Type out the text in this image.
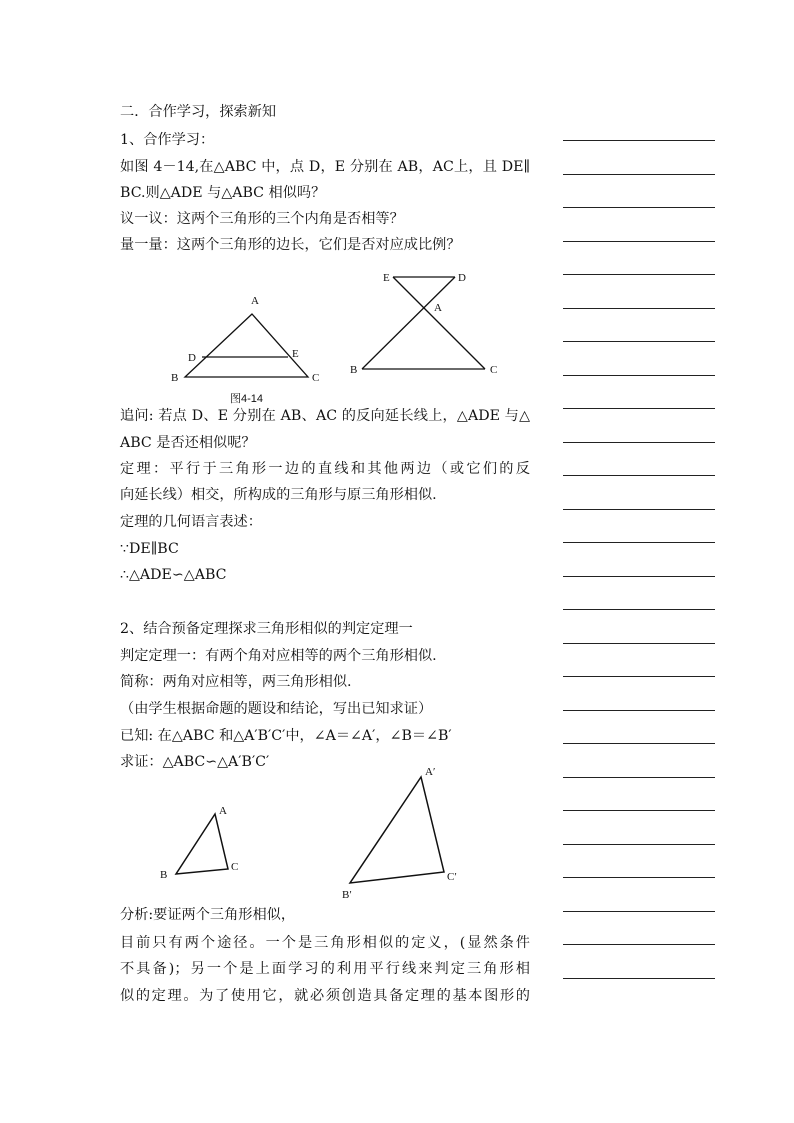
二．合作学习，探索新知
1、合作学习：
如图 4－14,在△ABC 中，点 D，E 分别在 AB，AC上，且 DE∥
BC.则△ADE 与△ABC 相似吗？
议一议：这两个三角形的三个内角是否相等？
量一量：这两个三角形的边长，它们是否对应成比例？
A
D	E
B	C
图4-14
E	D
A
B	C
A
B
C
A′
B′
C′
追问: 若点 D、E 分别在 AB、AC 的反向延长线上，△ADE 与△
ABC 是否还相似呢？
定理：平行于三角形一边的直线和其他两边（或它们的反
向延长线）相交，所构成的三角形与原三角形相似.
定理的几何语言表述：
∵DE∥BC
∴△ADE∽△ABC
2、结合预备定理探求三角形相似的判定定理一
判定定理一：有两个角对应相等的两个三角形相似.
简称：两角对应相等，两三角形相似.
（由学生根据命题的题设和结论，写出已知求证）
已知: 在△ABC 和△A′B′C′中，∠A＝∠A′，∠B＝∠B′
求证：△ABC∽△A′B′C′
分析:要证两个三角形相似，
目前只有两个途径。一个是三角形相似的定义，(显然条件
不具备)；另一个是上面学习的利用平行线来判定三角形相
似的定理。为了使用它，就必须创造具备定理的基本图形的
